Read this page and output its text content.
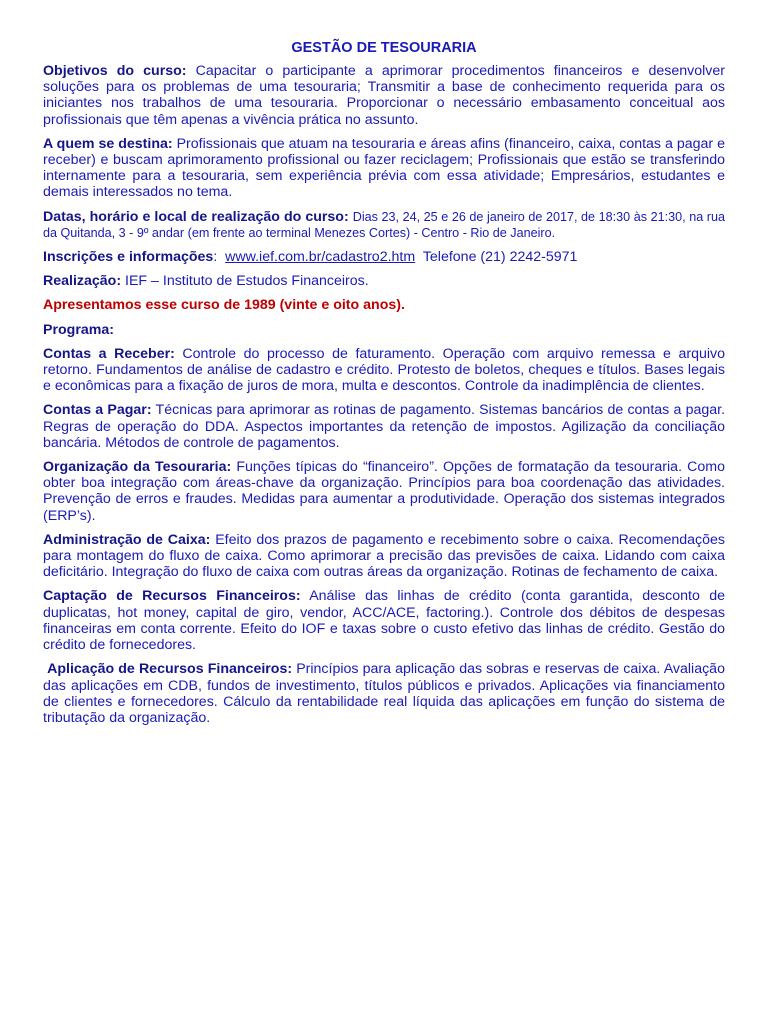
GESTÃO DE TESOURARIA

Objetivos do curso: Capacitar o participante a aprimorar procedimentos financeiros e desenvolver soluções para os problemas de uma tesouraria; Transmitir a base de conhecimento requerida para os iniciantes nos trabalhos de uma tesouraria. Proporcionar o necessário embasamento conceitual aos profissionais que têm apenas a vivência prática no assunto.

A quem se destina: Profissionais que atuam na tesouraria e áreas afins (financeiro, caixa, contas a pagar e receber) e buscam aprimoramento profissional ou fazer reciclagem; Profissionais que estão se transferindo internamente para a tesouraria, sem experiência prévia com essa atividade; Empresários, estudantes e demais interessados no tema.

Datas, horário e local de realização do curso: Dias 23, 24, 25 e 26 de janeiro de 2017, de 18:30 às 21:30, na rua da Quitanda, 3 - 9º andar (em frente ao terminal Menezes Cortes) - Centro - Rio de Janeiro.

Inscrições e informações:  www.ief.com.br/cadastro2.htm Telefone (21) 2242-5971

Realização: IEF – Instituto de Estudos Financeiros.

Apresentamos esse curso de 1989 (vinte e oito anos).

Programa:

Contas a Receber: Controle do processo de faturamento. Operação com arquivo remessa e arquivo retorno. Fundamentos de análise de cadastro e crédito. Protesto de boletos, cheques e títulos. Bases legais e econômicas para a fixação de juros de mora, multa e descontos. Controle da inadimplência de clientes.

Contas a Pagar: Técnicas para aprimorar as rotinas de pagamento. Sistemas bancários de contas a pagar. Regras de operação do DDA. Aspectos importantes da retenção de impostos. Agilização da conciliação bancária. Métodos de controle de pagamentos.

Organização da Tesouraria: Funções típicas do “financeiro”. Opções de formatação da tesouraria. Como obter boa integração com áreas-chave da organização. Princípios para boa coordenação das atividades. Prevenção de erros e fraudes. Medidas para aumentar a produtividade. Operação dos sistemas integrados (ERP’s).

Administração de Caixa: Efeito dos prazos de pagamento e recebimento sobre o caixa. Recomendações para montagem do fluxo de caixa. Como aprimorar a precisão das previsões de caixa. Lidando com caixa deficitário. Integração do fluxo de caixa com outras áreas da organização. Rotinas de fechamento de caixa.

Captação de Recursos Financeiros: Análise das linhas de crédito (conta garantida, desconto de duplicatas, hot money, capital de giro, vendor, ACC/ACE, factoring.). Controle dos débitos de despesas financeiras em conta corrente. Efeito do IOF e taxas sobre o custo efetivo das linhas de crédito. Gestão do crédito de fornecedores.

Aplicação de Recursos Financeiros: Princípios para aplicação das sobras e reservas de caixa. Avaliação das aplicações em CDB, fundos de investimento, títulos públicos e privados. Aplicações via financiamento de clientes e fornecedores. Cálculo da rentabilidade real líquida das aplicações em função do sistema de tributação da organização.
